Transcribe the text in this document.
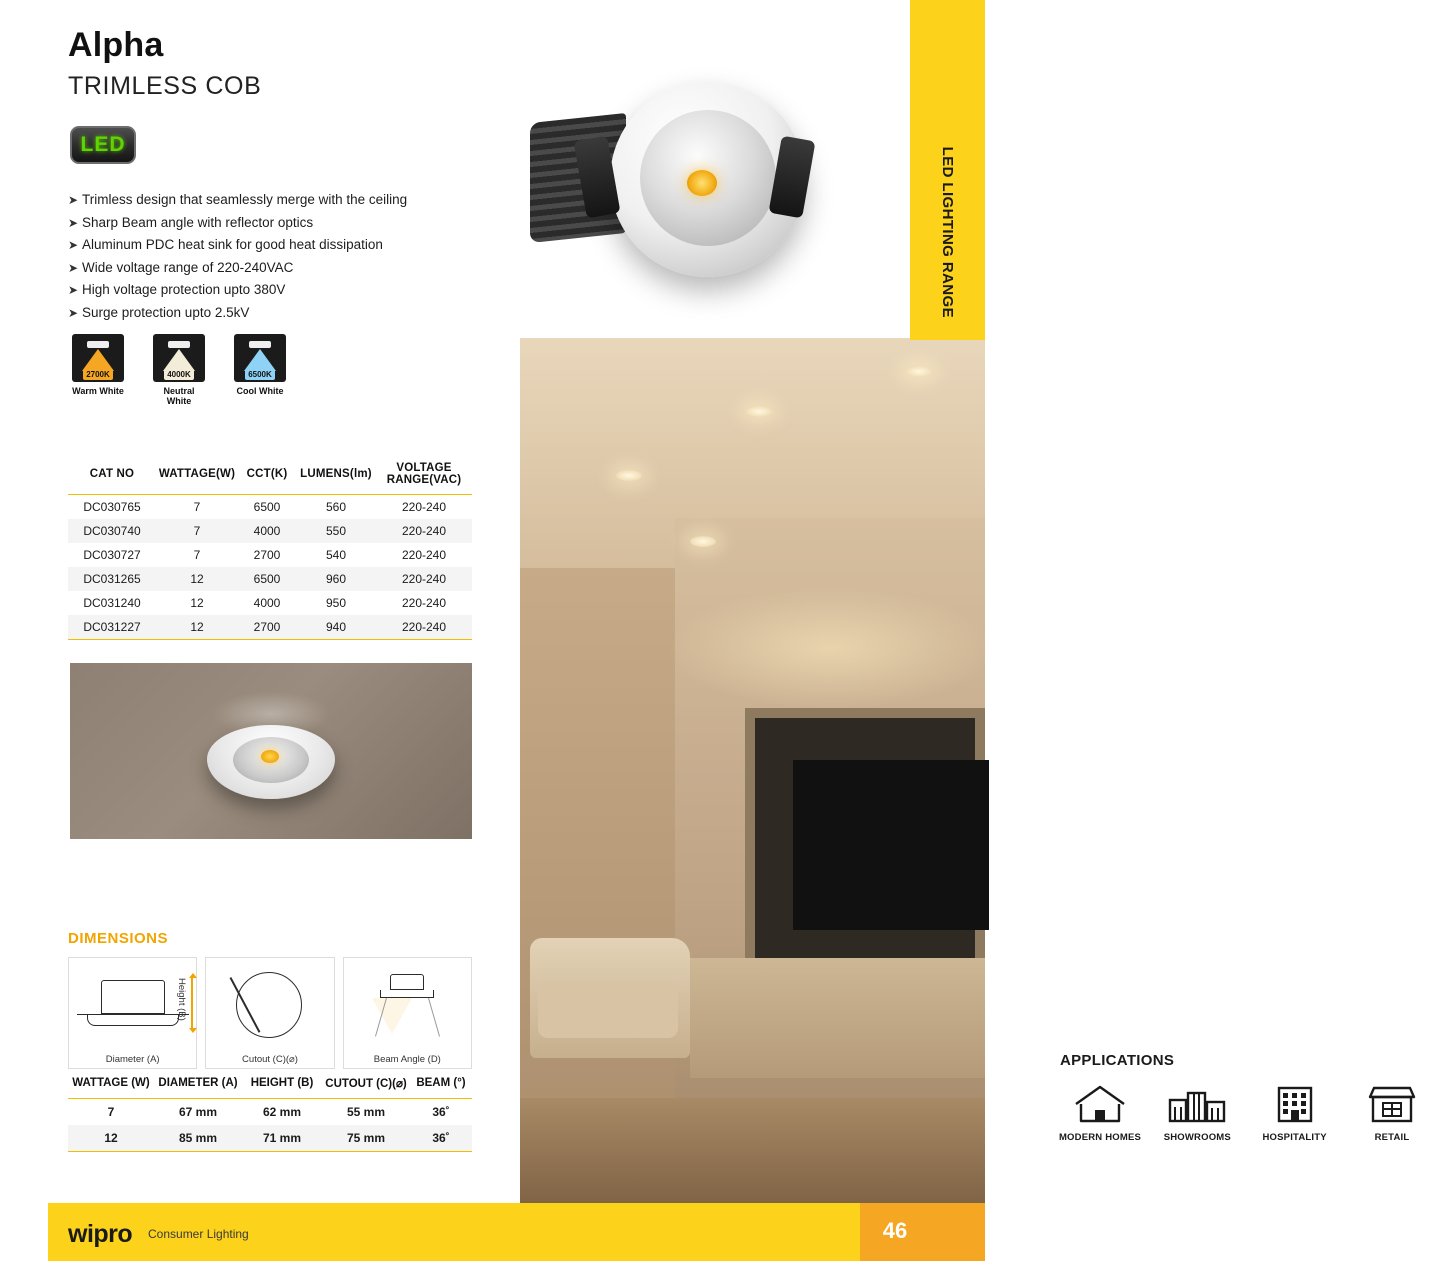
LED LIGHTING RANGE
APPLICATIONS
MODERN HOMES	SHOWROOMS	HOSPITALITY	RETAIL
Alpha
TRIMLESS COB
LED
➤ Trimless design that seamlessly merge with the ceiling
➤ Sharp Beam angle with reflector optics
➤ Aluminum PDC heat sink for good heat dissipation
➤ Wide voltage range of 220-240VAC
➤ High voltage protection upto 380V
➤ Surge protection upto 2.5kV
2700K
Warm White
4000K
Neutral White
6500K
Cool White
CAT NO	WATTAGE(W)	CCT(K)	LUMENS(lm)	VOLTAGE RANGE(VAC)
DC030765	7	6500	560	220-240
DC030740	7	4000	550	220-240
DC030727	7	2700	540	220-240
DC031265	12	6500	960	220-240
DC031240	12	4000	950	220-240
DC031227	12	2700	940	220-240
DIMENSIONS
Height (B)
Diameter (A)	Cutout (C)(⌀)	Beam Angle (D)
WATTAGE (W)	DIAMETER (A)	HEIGHT (B)	CUTOUT (C)(⌀)	BEAM (°)
7	67 mm	62 mm	55 mm	36˚
12	85 mm	71 mm	75 mm	36˚
wipro Consumer Lighting	46
